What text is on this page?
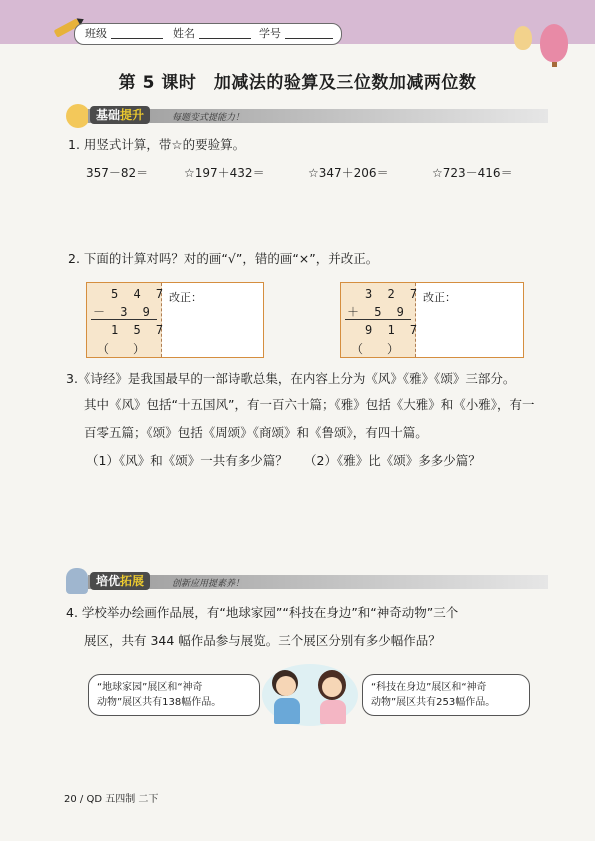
班级	姓名	学号
第 5 课时　加减法的验算及三位数加减两位数
基础提升	每题变式提能力！
1. 用竖式计算，带☆的要验算。
357－82＝	☆197＋432＝	☆347＋206＝	☆723－416＝
2. 下面的计算对吗？对的画“√”，错的画“×”，并改正。
5 4 7
－ 3 9
1 5 7
（　　）
改正：	3 2 7
＋ 5 9
9 1 7
（　　）
改正：
3.《诗经》是我国最早的一部诗歌总集，在内容上分为《风》《雅》《颂》三部分。
其中《风》包括“十五国风”，有一百六十篇；《雅》包括《大雅》和《小雅》，有一
百零五篇；《颂》包括《周颂》《商颂》和《鲁颂》，有四十篇。
（1）《风》和《颂》一共有多少篇？ （2）《雅》比《颂》多多少篇？
培优拓展	创新应用提素养！
4. 学校举办绘画作品展，有“地球家园”“科技在身边”和“神奇动物”三个
展区，共有 344 幅作品参与展览。三个展区分别有多少幅作品？
“地球家园”展区和“神奇
动物”展区共有138幅作品。
“科技在身边”展区和“神奇
动物”展区共有253幅作品。
20 / QD 五四制 二下
